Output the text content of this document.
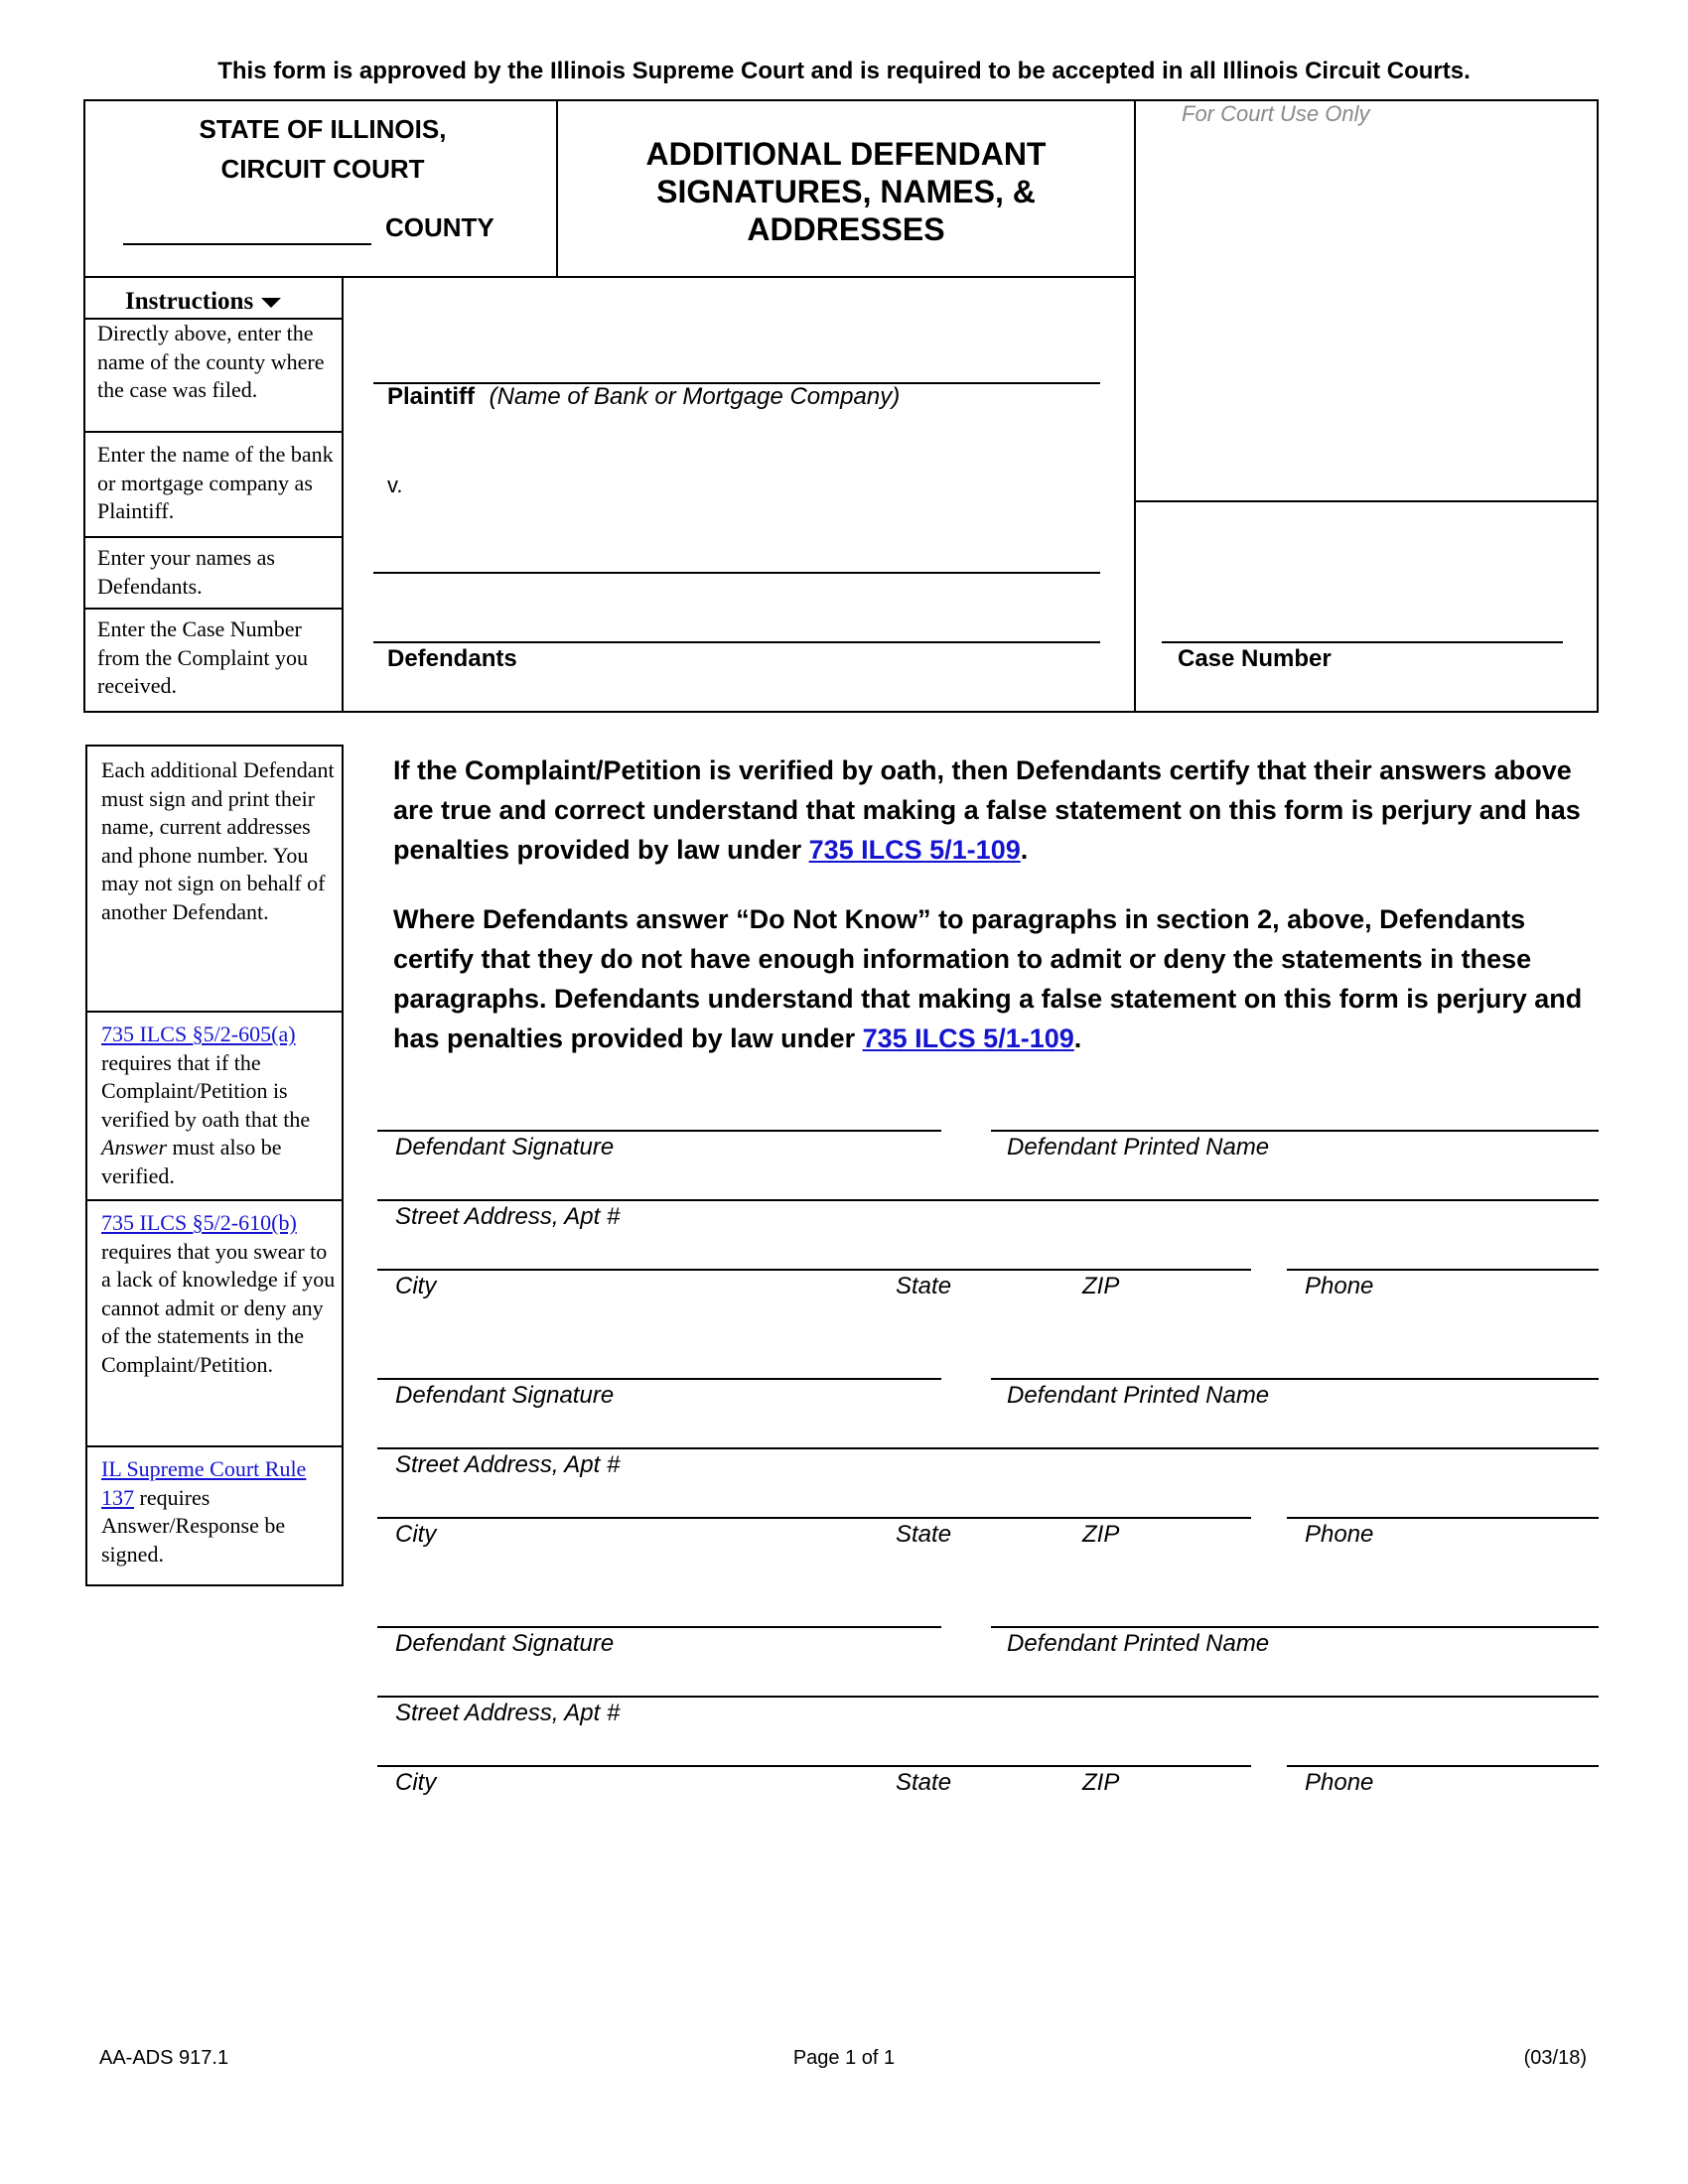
This form is approved by the Illinois Supreme Court and is required to be accepted in all Illinois Circuit Courts.
STATE OF ILLINOIS,
CIRCUIT COURT
COUNTY
ADDITIONAL DEFENDANT
SIGNATURES, NAMES, &
ADDRESSES
For Court Use Only
Instructions
Directly above, enter the name of the county where the case was filed.
Enter the name of the bank or mortgage company as Plaintiff.
Enter your names as Defendants.
Enter the Case Number from the Complaint you received.
Plaintiff (Name of Bank or Mortgage Company)
v.
Defendants	Case Number
Each additional Defendant must sign and print their name, current addresses and phone number. You may not sign on behalf of another Defendant.
735 ILCS §5/2-605(a) requires that if the Complaint/Petition is verified by oath that the Answer must also be verified.
735 ILCS §5/2-610(b) requires that you swear to a lack of knowledge if you cannot admit or deny any of the statements in the Complaint/Petition.
IL Supreme Court Rule 137 requires Answer/Response be signed.
If the Complaint/Petition is verified by oath, then Defendants certify that their answers above are true and correct understand that making a false statement on this form is perjury and has penalties provided by law under 735 ILCS 5/1-109.
Where Defendants answer “Do Not Know” to paragraphs in section 2, above, Defendants certify that they do not have enough information to admit or deny the statements in these paragraphs. Defendants understand that making a false statement on this form is perjury and has penalties provided by law under 735 ILCS 5/1-109.
Defendant Signature	Defendant Printed Name
Street Address, Apt #
City	State	ZIP	Phone
Defendant Signature	Defendant Printed Name
Street Address, Apt #
City	State	ZIP	Phone
Defendant Signature	Defendant Printed Name
Street Address, Apt #
City	State	ZIP	Phone
AA-ADS 917.1	Page 1 of 1	(03/18)
